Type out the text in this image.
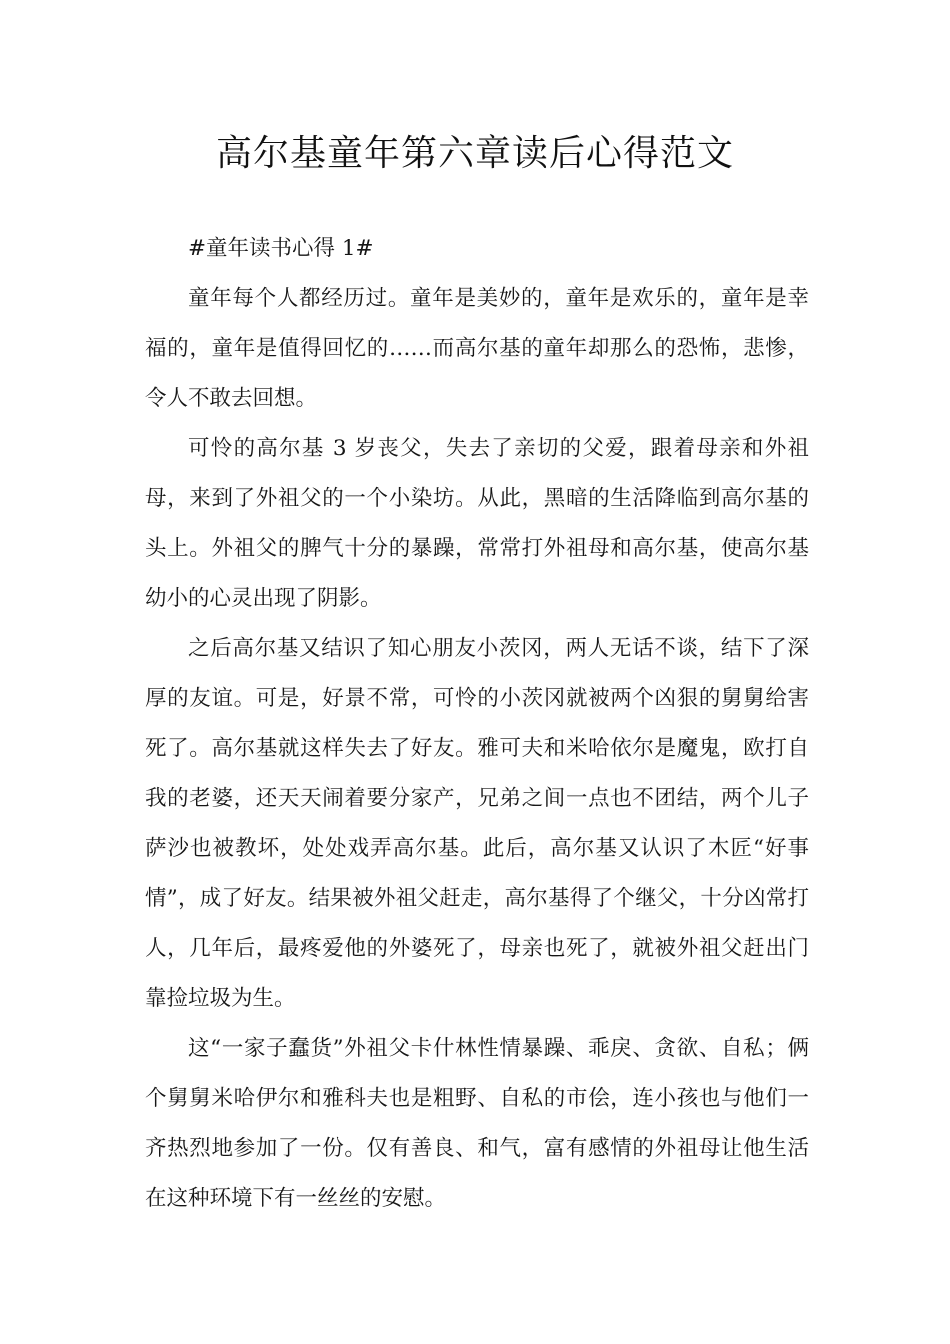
高尔基童年第六章读后心得范文

#童年读书心得 1#

童年每个人都经历过。童年是美妙的，童年是欢乐的，童年是幸福的，童年是值得回忆的……而高尔基的童年却那么的恐怖，悲惨，令人不敢去回想。

可怜的高尔基 3 岁丧父，失去了亲切的父爱，跟着母亲和外祖母，来到了外祖父的一个小染坊。从此，黑暗的生活降临到高尔基的头上。外祖父的脾气十分的暴躁，常常打外祖母和高尔基，使高尔基幼小的心灵出现了阴影。

之后高尔基又结识了知心朋友小茨冈，两人无话不谈，结下了深厚的友谊。可是，好景不常，可怜的小茨冈就被两个凶狠的舅舅给害死了。高尔基就这样失去了好友。雅可夫和米哈依尔是魔鬼，欧打自我的老婆，还天天闹着要分家产，兄弟之间一点也不团结，两个儿子萨沙也被教坏，处处戏弄高尔基。此后，高尔基又认识了木匠“好事情”，成了好友。结果被外祖父赶走，高尔基得了个继父，十分凶常打人，几年后，最疼爱他的外婆死了，母亲也死了，就被外祖父赶出门靠捡垃圾为生。

这“一家子蠢货”外祖父卡什林性情暴躁、乖戾、贪欲、自私；俩个舅舅米哈伊尔和雅科夫也是粗野、自私的市侩，连小孩也与他们一齐热烈地参加了一份。仅有善良、和气，富有感情的外祖母让他生活在这种环境下有一丝丝的安慰。
